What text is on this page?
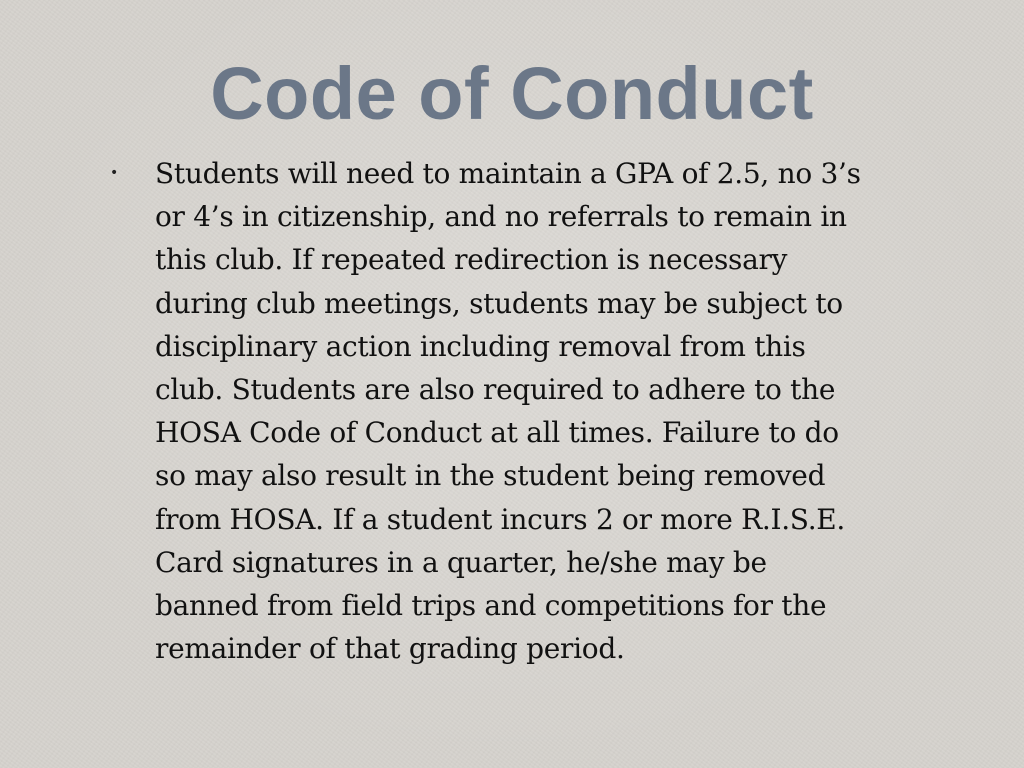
Code of Conduct
•	Students will need to maintain a GPA of 2.5, no 3’s
or 4’s in citizenship, and no referrals to remain in
this club. If repeated redirection is necessary
during club meetings, students may be subject to
disciplinary action including removal from this
club. Students are also required to adhere to the
HOSA Code of Conduct at all times. Failure to do
so may also result in the student being removed
from HOSA. If a student incurs 2 or more R.I.S.E.
Card signatures in a quarter, he/she may be
banned from field trips and competitions for the
remainder of that grading period.
